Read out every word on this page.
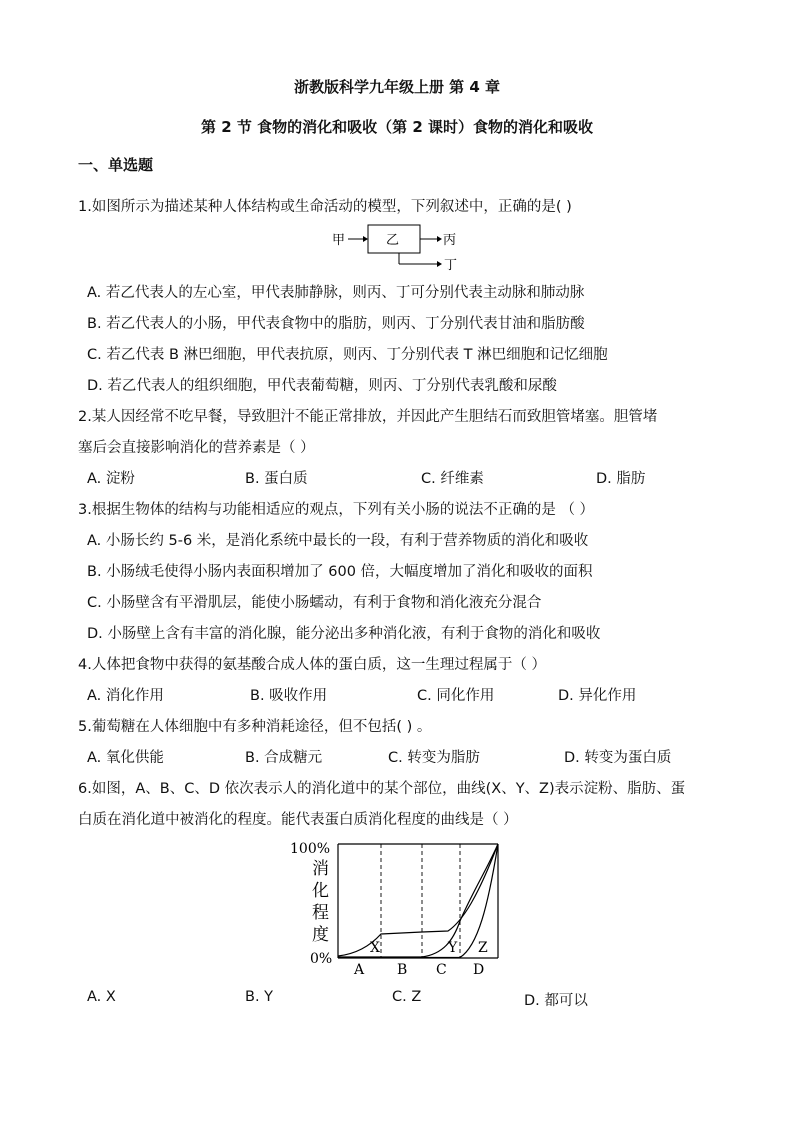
浙教版科学九年级上册 第 4 章
第 2 节 食物的消化和吸收（第 2 课时）食物的消化和吸收
一、单选题
1.如图所示为描述某种人体结构或生命活动的模型，下列叙述中，正确的是( )
甲	乙	丙
丁
A. 若乙代表人的左心室，甲代表肺静脉，则丙、丁可分别代表主动脉和肺动脉
B. 若乙代表人的小肠，甲代表食物中的脂肪，则丙、丁分别代表甘油和脂肪酸
C. 若乙代表 B 淋巴细胞，甲代表抗原，则丙、丁分别代表 T 淋巴细胞和记忆细胞
D. 若乙代表人的组织细胞，甲代表葡萄糖，则丙、丁分别代表乳酸和尿酸
2.某人因经常不吃早餐，导致胆汁不能正常排放，并因此产生胆结石而致胆管堵塞。胆管堵
塞后会直接影响消化的营养素是（ ）
A. 淀粉	B. 蛋白质	C. 纤维素	D. 脂肪
3.根据生物体的结构与功能相适应的观点，下列有关小肠的说法不正确的是 （ ）
A. 小肠长约 5-6 米，是消化系统中最长的一段，有利于营养物质的消化和吸收
B. 小肠绒毛使得小肠内表面积增加了 600 倍，大幅度增加了消化和吸收的面积
C. 小肠壁含有平滑肌层，能使小肠蠕动，有利于食物和消化液充分混合
D. 小肠壁上含有丰富的消化腺，能分泌出多种消化液，有利于食物的消化和吸收
4.人体把食物中获得的氨基酸合成人体的蛋白质，这一生理过程属于（ ）
A. 消化作用	B. 吸收作用	C. 同化作用	D. 异化作用
5.葡萄糖在人体细胞中有多种消耗途径，但不包括( ) 。
A. 氧化供能	B. 合成糖元	C. 转变为脂肪	D. 转变为蛋白质
6.如图，A、B、C、D 依次表示人的消化道中的某个部位，曲线(X、Y、Z)表示淀粉、脂肪、蛋
白质在消化道中被消化的程度。能代表蛋白质消化程度的曲线是（ ）
100%
0%
消
化
程
度
A B C D
X	Y Z
A. X	B. Y	C. Z	D. 都可以
